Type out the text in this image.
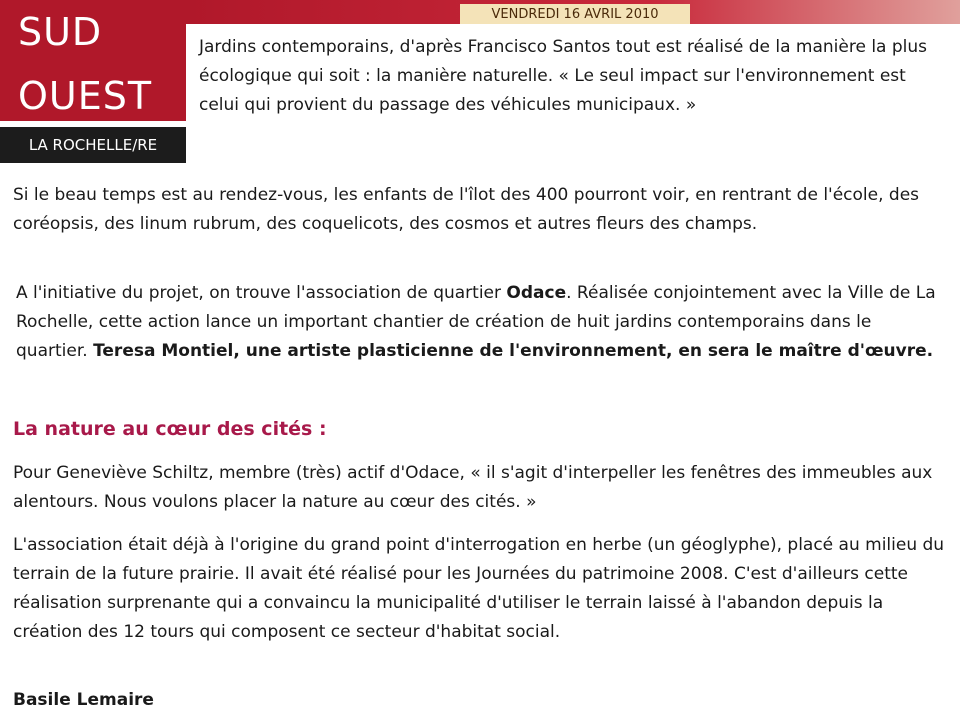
VENDREDI 16 AVRIL 2010
SUD
OUEST
LA ROCHELLE/RE

Jardins contemporains, d'après Francisco Santos tout est réalisé de la manière la plus écologique qui soit : la manière naturelle. « Le seul impact sur l'environnement est celui qui provient du passage des véhicules municipaux. »

Si le beau temps est au rendez-vous, les enfants de l'îlot des 400 pourront voir, en rentrant de l'école, des coréopsis, des linum rubrum, des coquelicots, des cosmos et autres fleurs des champs.

A l'initiative du projet, on trouve l'association de quartier Odace. Réalisée conjointement avec la Ville de La Rochelle, cette action lance un important chantier de création de huit jardins contemporains dans le quartier. Teresa Montiel, une artiste plasticienne de l'environnement, en sera le maître d'œuvre.

La nature au cœur des cités :

Pour Geneviève Schiltz, membre (très) actif d'Odace, « il s'agit d'interpeller les fenêtres des immeubles aux alentours. Nous voulons placer la nature au cœur des cités. »

L'association était déjà à l'origine du grand point d'interrogation en herbe (un géoglyphe), placé au milieu du terrain de la future prairie. Il avait été réalisé pour les Journées du patrimoine 2008. C'est d'ailleurs cette réalisation surprenante qui a convaincu la municipalité d'utiliser le terrain laissé à l'abandon depuis la création des 12 tours qui composent ce secteur d'habitat social.

Basile Lemaire
